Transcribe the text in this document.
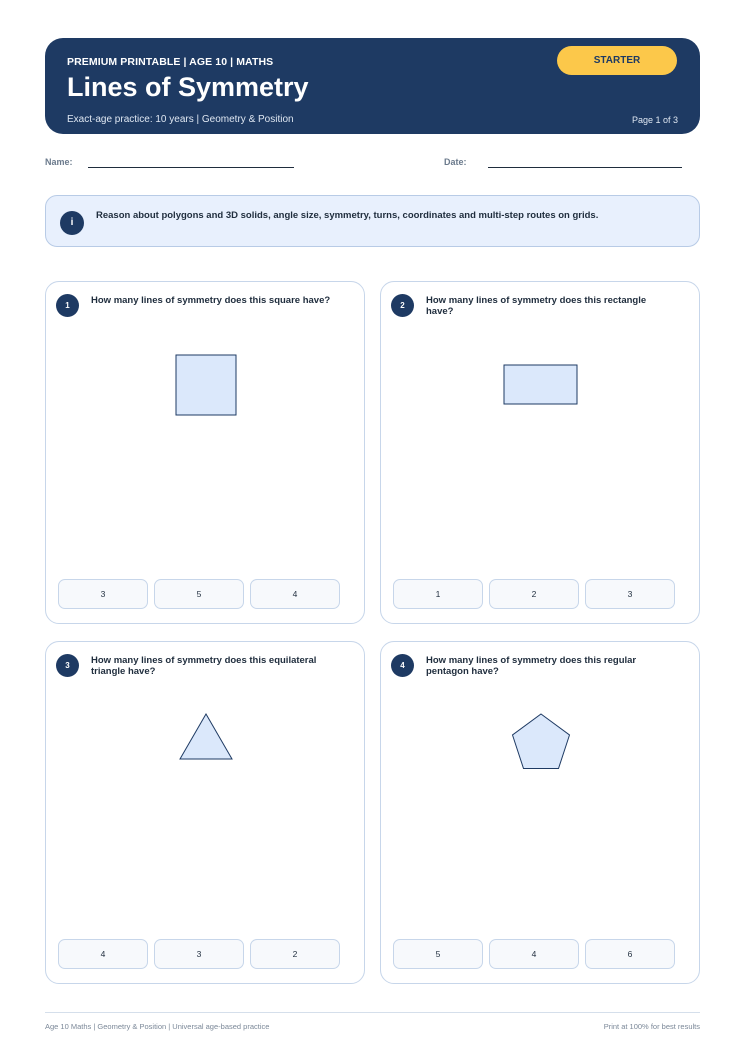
PREMIUM PRINTABLE | AGE 10 | MATHS
Lines of Symmetry
Exact-age practice: 10 years | Geometry & Position	Page 1 of 3
STARTER
Name:	Date:
i
Reason about polygons and 3D solids, angle size, symmetry, turns, coordinates and multi-step routes on grids.
1	How many lines of symmetry does this square have?
3	5	4
2	How many lines of symmetry does this rectangle have?
1	2	3
3	How many lines of symmetry does this equilateral triangle have?
4	3	2
4	How many lines of symmetry does this regular pentagon have?
5	4	6
Age 10 Maths | Geometry & Position | Universal age-based practice	Print at 100% for best results
